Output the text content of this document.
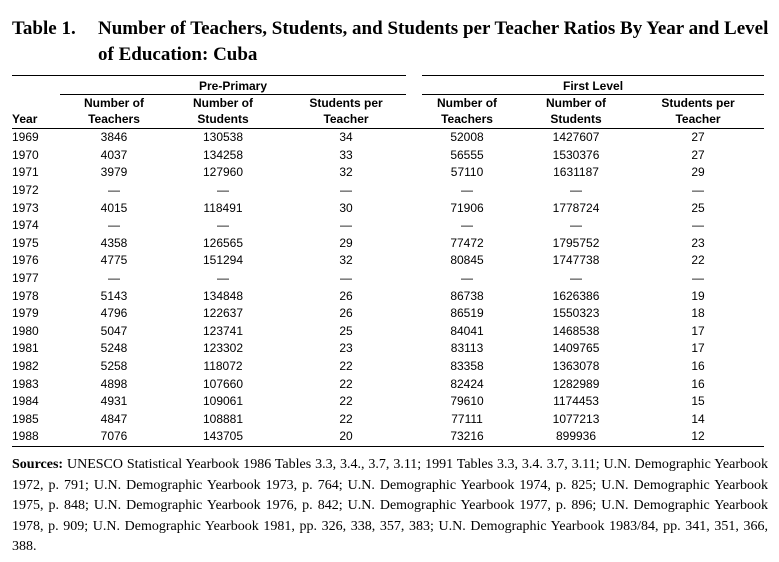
Table 1.	Number of Teachers, Students, and Students per Teacher Ratios By Year and Level
of Education: Cuba
	Pre-Primary			First Level		
	Number of	Number of	Students per	Number of	Number of	Students per
Year	Teachers	Students	Teacher	Teachers	Students	Teacher
1969	3846	130538	34	52008	1427607	27
1970	4037	134258	33	56555	1530376	27
1971	3979	127960	32	57110	1631187	29
1972	—	—	—	—	—	—
1973	4015	118491	30	71906	1778724	25
1974	—	—	—	—	—	—
1975	4358	126565	29	77472	1795752	23
1976	4775	151294	32	80845	1747738	22
1977	—	—	—	—	—	—
1978	5143	134848	26	86738	1626386	19
1979	4796	122637	26	86519	1550323	18
1980	5047	123741	25	84041	1468538	17
1981	5248	123302	23	83113	1409765	17
1982	5258	118072	22	83358	1363078	16
1983	4898	107660	22	82424	1282989	16
1984	4931	109061	22	79610	1174453	15
1985	4847	108881	22	77111	1077213	14
1988	7076	143705	20	73216	899936	12
Sources: UNESCO Statistical Yearbook 1986 Tables 3.3, 3.4., 3.7, 3.11; 1991 Tables 3.3, 3.4. 3.7, 3.11; U.N. Demographic Yearbook 1972, p. 791; U.N. Demographic Yearbook 1973, p. 764; U.N. Demographic Yearbook 1974, p. 825; U.N. Demographic Yearbook 1975, p. 848; U.N. Demographic Yearbook 1976, p. 842; U.N. Demographic Yearbook 1977, p. 896; U.N. Demographic Yearbook 1978, p. 909; U.N. Demographic Yearbook 1981, pp. 326, 338, 357, 383; U.N. Demographic Yearbook 1983/84, pp. 341, 351, 366, 388.
